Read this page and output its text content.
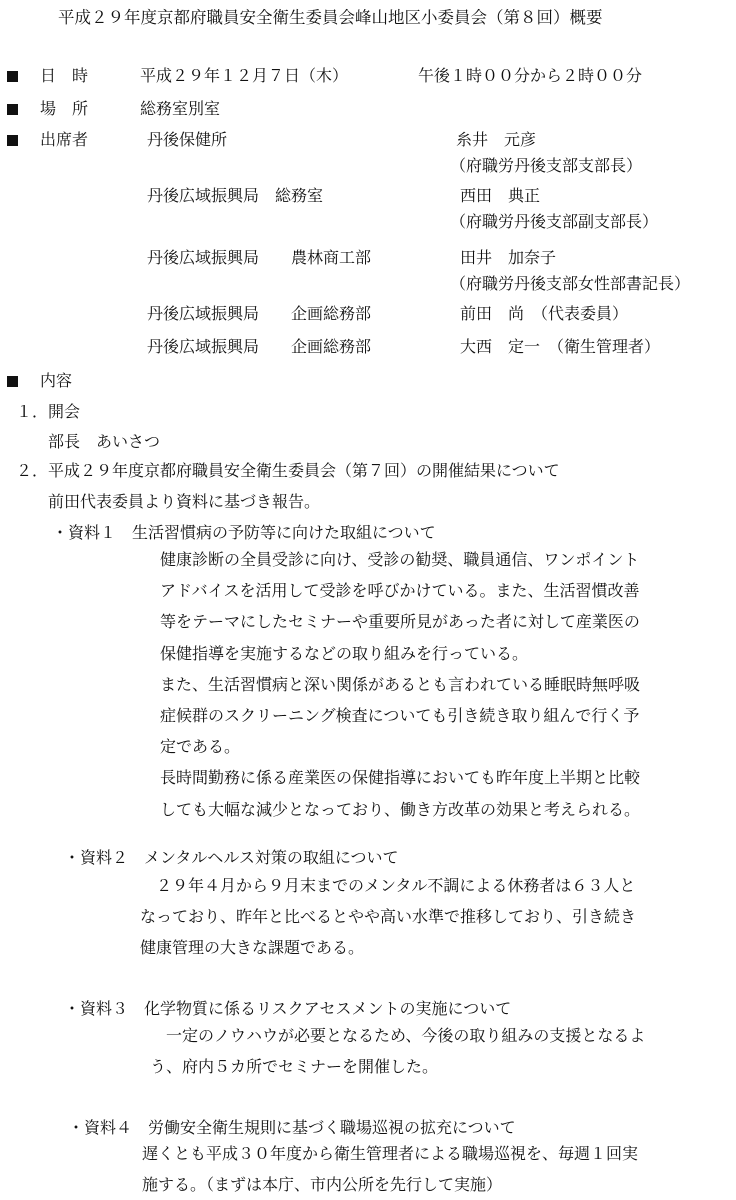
平成２９年度京都府職員安全衛生委員会峰山地区小委員会（第８回）概要
日　時	平成２９年１２月７日（木）	午後１時００分から２時００分
場　所	総務室別室
出席者	丹後保健所	糸井　元彦
（府職労丹後支部支部長）
丹後広域振興局　総務室	西田　典正
（府職労丹後支部副支部長）
丹後広域振興局　　農林商工部	田井　加奈子
（府職労丹後支部女性部書記長）
丹後広域振興局　　企画総務部	前田　尚　（代表委員）
丹後広域振興局　　企画総務部	大西　定一　（衛生管理者）
内容
１．開会
部長　あいさつ
２．平成２９年度京都府職員安全衛生委員会（第７回）の開催結果について
前田代表委員より資料に基づき報告。
・資料１　生活習慣病の予防等に向けた取組について
健康診断の全員受診に向け、受診の勧奨、職員通信、ワンポイント
アドバイスを活用して受診を呼びかけている。また、生活習慣改善
等をテーマにしたセミナーや重要所見があった者に対して産業医の
保健指導を実施するなどの取り組みを行っている。
また、生活習慣病と深い関係があるとも言われている睡眠時無呼吸
症候群のスクリーニング検査についても引き続き取り組んで行く予
定である。
長時間勤務に係る産業医の保健指導においても昨年度上半期と比較
しても大幅な減少となっており、働き方改革の効果と考えられる。
・資料２　メンタルヘルス対策の取組について
　２９年４月から９月末までのメンタル不調による休務者は６３人と
なっており、昨年と比べるとやや高い水準で推移しており、引き続き
健康管理の大きな課題である。
・資料３　化学物質に係るリスクアセスメントの実施について
　一定のノウハウが必要となるため、今後の取り組みの支援となるよ
う、府内５カ所でセミナーを開催した。
・資料４　労働安全衛生規則に基づく職場巡視の拡充について
遅くとも平成３０年度から衛生管理者による職場巡視を、毎週１回実
施する。（まずは本庁、市内公所を先行して実施）
